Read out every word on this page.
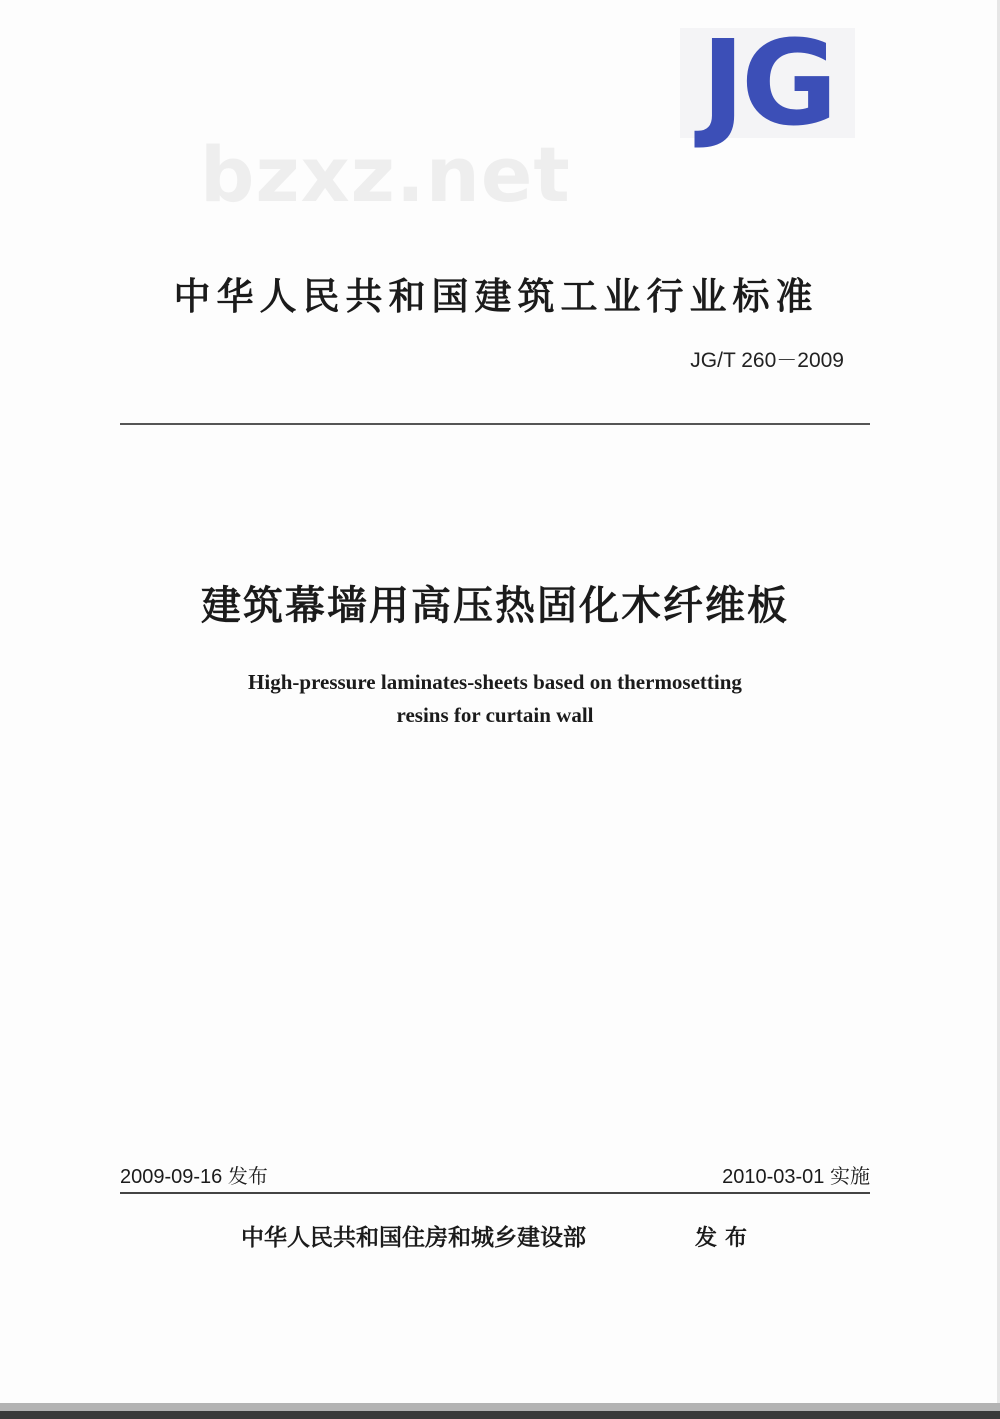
JG
bzxz.net
中华人民共和国建筑工业行业标准
JG/T 260－2009
建筑幕墙用高压热固化木纤维板
High-pressure laminates-sheets based on thermosetting
resins for curtain wall
2009-09-16 发布	2010-03-01 实施
中华人民共和国住房和城乡建设部	发布
